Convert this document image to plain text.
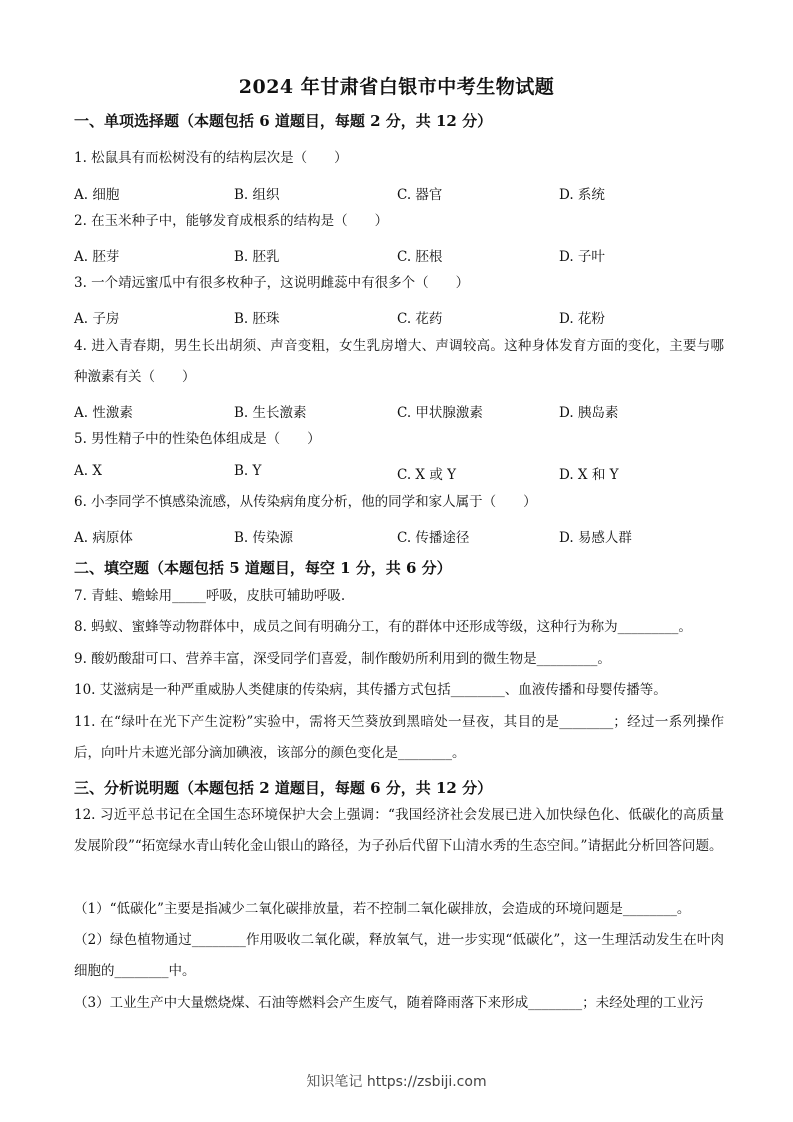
2024 年甘肃省白银市中考生物试题
一、单项选择题（本题包括 6 道题目，每题 2 分，共 12 分）
1. 松鼠具有而松树没有的结构层次是（　　）
A. 细胞	B. 组织	C. 器官	D. 系统
2. 在玉米种子中，能够发育成根系的结构是（　　）
A. 胚芽	B. 胚乳	C. 胚根	D. 子叶
3. 一个靖远蜜瓜中有很多枚种子，这说明雌蕊中有很多个（　　）
A. 子房	B. 胚珠	C. 花药	D. 花粉
4. 进入青春期，男生长出胡须、声音变粗，女生乳房增大、声调较高。这种身体发育方面的变化，主要与哪种激素有关（　　）
A. 性激素	B. 生长激素	C. 甲状腺激素	D. 胰岛素
5. 男性精子中的性染色体组成是（　　）
A. X	B. Y	C. X 或 Y	D. X 和 Y
6. 小李同学不慎感染流感，从传染病角度分析，他的同学和家人属于（　　）
A. 病原体	B. 传染源	C. 传播途径	D. 易感人群
二、填空题（本题包括 5 道题目，每空 1 分，共 6 分）
7. 青蛙、蟾蜍用_____呼吸，皮肤可辅助呼吸.
8. 蚂蚁、蜜蜂等动物群体中，成员之间有明确分工，有的群体中还形成等级，这种行为称为_________。
9. 酸奶酸甜可口、营养丰富，深受同学们喜爱，制作酸奶所利用到的微生物是_________。
10. 艾滋病是一种严重威胁人类健康的传染病，其传播方式包括________、血液传播和母婴传播等。
11. 在“绿叶在光下产生淀粉”实验中，需将天竺葵放到黑暗处一昼夜，其目的是________；经过一系列操作后，向叶片未遮光部分滴加碘液，该部分的颜色变化是________。
三、分析说明题（本题包括 2 道题目，每题 6 分，共 12 分）
12. 习近平总书记在全国生态环境保护大会上强调：“我国经济社会发展已进入加快绿色化、低碳化的高质量发展阶段”“拓宽绿水青山转化金山银山的路径，为子孙后代留下山清水秀的生态空间。”请据此分析回答问题。
（1）“低碳化”主要是指减少二氧化碳排放量，若不控制二氧化碳排放，会造成的环境问题是________。
（2）绿色植物通过________作用吸收二氧化碳，释放氧气，进一步实现“低碳化”，这一生理活动发生在叶肉细胞的________中。
（3）工业生产中大量燃烧煤、石油等燃料会产生废气，随着降雨落下来形成________；未经处理的工业污
知识笔记 https://zsbiji.com
